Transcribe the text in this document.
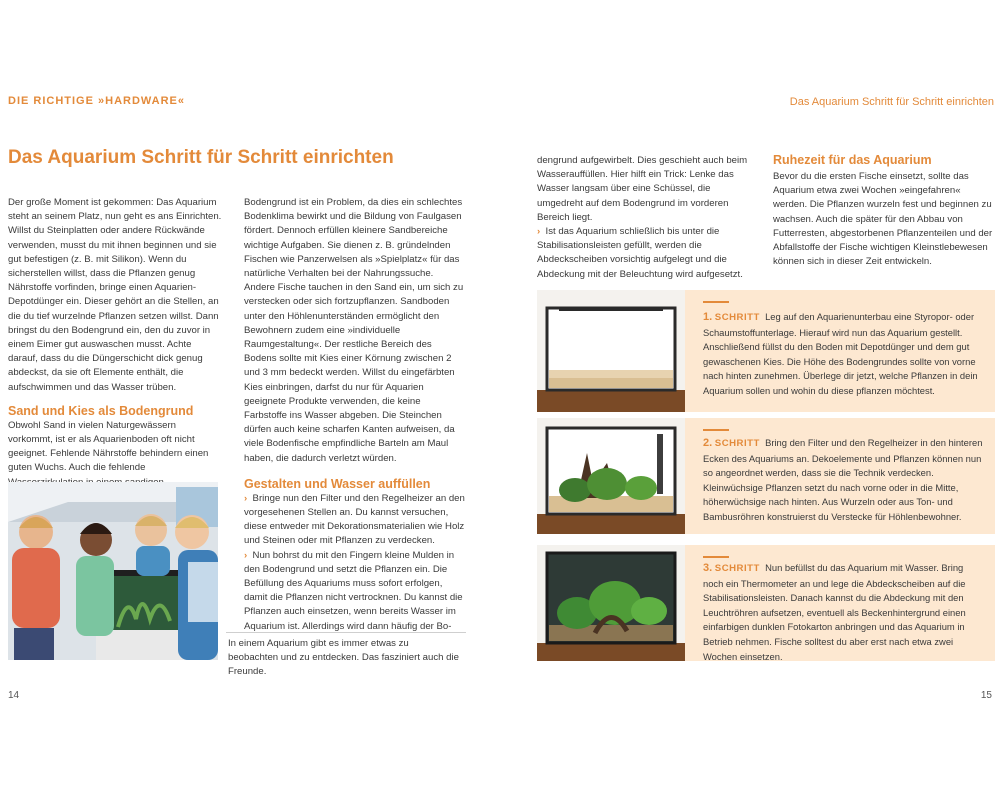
DIE RICHTIGE »HARDWARE«	Das Aquarium Schritt für Schritt einrichten
Das Aquarium Schritt für Schritt einrichten

Der große Moment ist gekommen: Das Aquarium steht an seinem Platz, nun geht es ans Einrichten. Willst du Steinplatten oder andere Rückwände verwenden, musst du mit ihnen beginnen und sie gut befestigen (z. B. mit Silikon). Wenn du sicherstellen willst, dass die Pflanzen genug Nährstoffe vorfinden, bringe einen Aquarien-Depotdünger ein. Dieser gehört an die Stellen, an die du tief wurzelnde Pflanzen setzen willst. Dann bringst du den Bodengrund ein, den du zuvor in einem Eimer gut auswaschen musst. Achte darauf, dass du die Düngerschicht dick genug abdeckst, da sie oft Elemente enthält, die aufschwimmen und das Wasser trüben.

Sand und Kies als Bodengrund

Obwohl Sand in vielen Naturgewässern vorkommt, ist er als Aquarienboden oft nicht geeignet. Fehlende Nährstoffe behindern einen guten Wuchs. Auch die fehlende

Bodengrund ist ein Problem, da dies ein schlechtes Bodenklima bewirkt und die Bildung von Faulgasen fördert. Dennoch erfüllen kleinere Sandbereiche wichtige Aufgaben. Sie dienen z. B. gründelnden Fischen wie Panzerwelsen als »Spielplatz« für das natürliche Verhalten bei der Nahrungssuche. Andere Fische tauchen in den Sand ein, um sich zu verstecken oder sich fortzupflanzen. Sandboden unter den Höhlenunterständen ermöglicht den Bewohnern zudem eine »individuelle Raumgestaltung«. Der restliche Bereich des Bodens sollte mit Kies einer Körnung zwischen 2 und 3 mm bedeckt werden. Willst du eingefärbten Kies einbringen, darfst du nur für Aquarien geeignete Produkte verwenden, die keine Farbstoffe ins Wasser abgeben. Die Steinchen dürfen auch keine scharfen Kanten aufweisen, da viele Bodenfische empfindliche Barteln am Maul haben, die dadurch verletzt würden.

Gestalten und Wasser auffüllen

› Bringe nun den Filter und den Regelheizer an den vorgesehenen Stellen an. Du kannst versuchen, diese entweder mit Dekorationsmaterialien wie Holz und Steinen oder mit Pflanzen zu verdecken.

› Nun bohrst du mit den Fingern kleine Mulden in den Bodengrund und setzt die Pflanzen ein. Die Befüllung des Aquariums muss sofort erfolgen, damit die Pflanzen nicht vertrocknen. Du kannst die Pflanzen auch einsetzen, wenn bereits Wasser im Aquarium ist. Allerdings wird dann häufig der Bo-

In einem Aquarium gibt es immer etwas zu beobachten und zu entdecken. Das fasziniert auch die Freunde.

14	15

dengrund aufgewirbelt. Dies geschieht auch beim Wasserauffüllen. Hier hilft ein Trick: Lenke das Wasser langsam über eine Schüssel, die umgedreht auf dem Bodengrund im vorderen Bereich liegt.

› Ist das Aquarium schließlich bis unter die Stabilisationsleisten gefüllt, werden die Abdeckscheiben vorsichtig aufgelegt und die Abdeckung mit der Beleuchtung wird aufgesetzt.

Ruhezeit für das Aquarium

Bevor du die ersten Fische einsetzt, sollte das Aquarium etwa zwei Wochen »eingefahren« werden. Die Pflanzen wurzeln fest und beginnen zu wachsen. Auch die später für den Abbau von Futterresten, abgestorbenen Pflanzenteilen und der Abfallstoffe der Fische wichtigen Kleinstlebewesen können sich in dieser Zeit entwickeln.

1. SCHRITT Leg auf den Aquarienunterbau eine Styropor- oder Schaumstoffunterlage. Hierauf wird nun das Aquarium gestellt. Anschließend füllst du den Boden mit Depotdünger und dem gut gewaschenen Kies. Die Höhe des Bodengrundes sollte von vorne nach hinten zunehmen. Überlege dir jetzt, welche Pflanzen in dein Aquarium sollen und wohin du diese pflanzen möchtest.

2. SCHRITT Bring den Filter und den Regelheizer in den hinteren Ecken des Aquariums an. Dekoelemente und Pflanzen können nun so angeordnet werden, dass sie die Technik verdecken. Kleinwüchsige Pflanzen setzt du nach vorne oder in die Mitte, höherwüchsige nach hinten. Aus Wurzeln oder aus Ton- und Bambusröhren konstruierst du Verstecke für Höhlenbewohner.

3. SCHRITT Nun befüllst du das Aquarium mit Wasser. Bring noch ein Thermometer an und lege die Abdeckscheiben auf die Stabilisationsleisten. Danach kannst du die Abdeckung mit den Leuchtröhren aufsetzen, eventuell als Beckenhintergrund einen einfarbigen dunklen Fotokarton anbringen und das Aquarium in Betrieb nehmen. Fische solltest du aber erst nach etwa zwei Wochen einsetzen.
